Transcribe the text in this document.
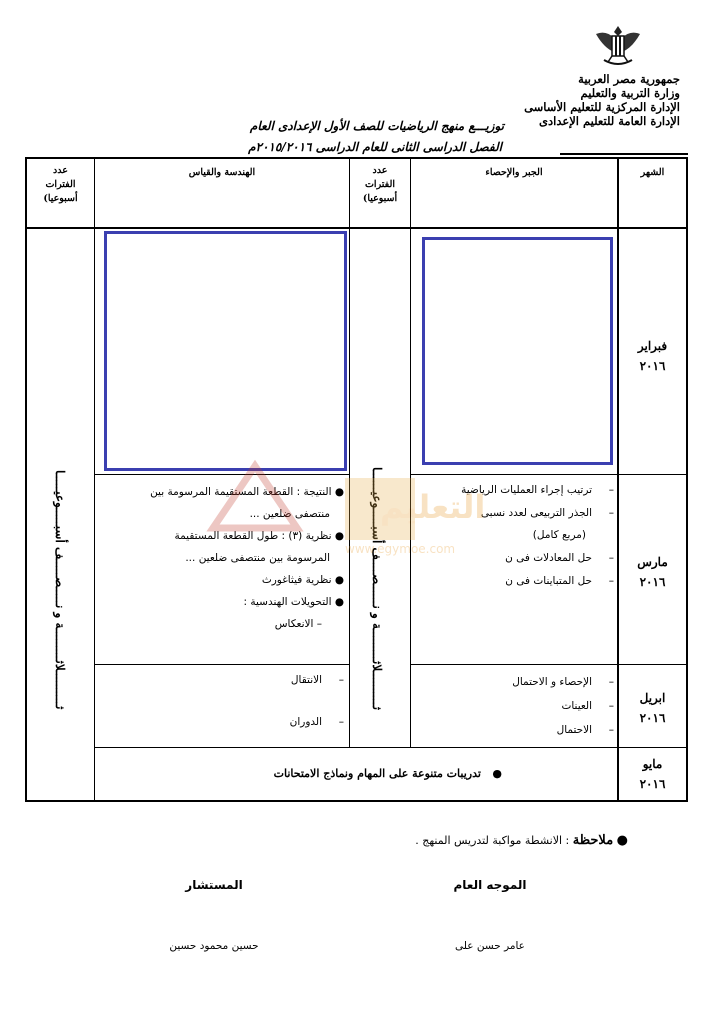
جمهورية مصر العربية
وزارة التربية والتعليم
الإدارة المركزية للتعليم الأساسى
الإدارة العامة للتعليم الإعدادى
توزيـــع منهج الرياضيات للصف الأول الإعدادى العام
الفصل الدراسى الثانى للعام الدراسى ٢٠١٥/٢٠١٦م
الشهر
الجبر والإحصاء
عدد
الفترات
أسبوعيا)
الهندسة والقياس
عدد
الفترات
أسبوعيا)
فبراير
٢٠١٦
مارس
٢٠١٦
ابريل
٢٠١٦
مايو
٢٠١٦
ثــــــــــلاثـــــــــة و نــــــصــــف أسبـــــوعيــــــا
ثــــــــــلاثـــــــــة و نـــــصـــــف أسبـــــوعيـــــا	–     ترتيب إجراء العمليات الرياضية
–     الجذر التربيعى لعدد نسبى
(مربع كامل)
–     حل المعادلات فى ن
–     حل المتباينات فى ن
● النتيجة : القطعة المستقيمة المرسومة بين
منتصفى ضلعين ...
● نظرية (٣) : طول القطعة المستقيمة
المرسومة بين منتصفى ضلعين ...
● نظرية فيثاغورث
● التحويلات الهندسية :
– الانعكاس
–     الإحصاء و الاحتمال
–     العينات
–     الاحتمال
–     الانتقال
–     الدوران
●   تدريبات متنوعة على المهام ونماذج الامتحانات
التعليم
www.egymoe.com
● ملاحظة : الانشطة مواكبة لتدريس المنهج .
الموجه العام
عامر حسن على
المستشار
حسين محمود حسين
